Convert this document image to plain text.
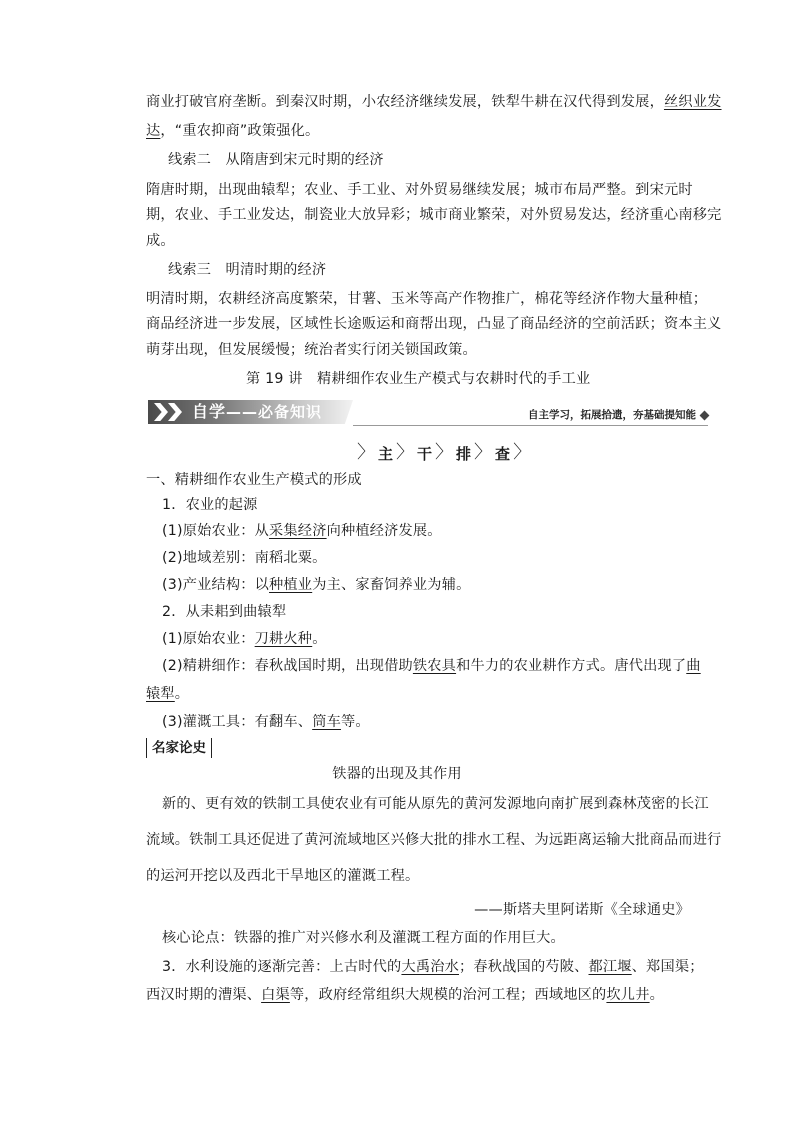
商业打破官府垄断。到秦汉时期，小农经济继续发展，铁犁牛耕在汉代得到发展，丝织业发
达，“重农抑商”政策强化。
线索二　从隋唐到宋元时期的经济
隋唐时期，出现曲辕犁；农业、手工业、对外贸易继续发展；城市布局严整。到宋元时
期，农业、手工业发达，制瓷业大放异彩；城市商业繁荣，对外贸易发达，经济重心南移完
成。
线索三　明清时期的经济
明清时期，农耕经济高度繁荣，甘薯、玉米等高产作物推广，棉花等经济作物大量种植；
商品经济进一步发展，区域性长途贩运和商帮出现，凸显了商品经济的空前活跃；资本主义
萌芽出现，但发展缓慢；统治者实行闭关锁国政策。
第 19 讲　精耕细作农业生产模式与农耕时代的手工业
自学——必备知识	自主学习，拓展拾遗，夯基础提知能
〉 主 〉 干 〉 排 〉 查 〉
一、精耕细作农业生产模式的形成
1．农业的起源
(1)原始农业：从采集经济向种植经济发展。
(2)地域差别：南稻北粟。
(3)产业结构：以种植业为主、家畜饲养业为辅。
2．从耒耜到曲辕犁
(1)原始农业：刀耕火种。
(2)精耕细作：春秋战国时期，出现借助铁农具和牛力的农业耕作方式。唐代出现了曲
辕犁。
(3)灌溉工具：有翻车、筒车等。
名家论史
铁器的出现及其作用
新的、更有效的铁制工具使农业有可能从原先的黄河发源地向南扩展到森林茂密的长江
流域。铁制工具还促进了黄河流域地区兴修大批的排水工程、为远距离运输大批商品而进行
的运河开挖以及西北干旱地区的灌溉工程。
——斯塔夫里阿诺斯《全球通史》
核心论点：铁器的推广对兴修水利及灌溉工程方面的作用巨大。
3．水利设施的逐渐完善：上古时代的大禹治水；春秋战国的芍陂、都江堰、郑国渠；
西汉时期的漕渠、白渠等，政府经常组织大规模的治河工程；西域地区的坎儿井。
